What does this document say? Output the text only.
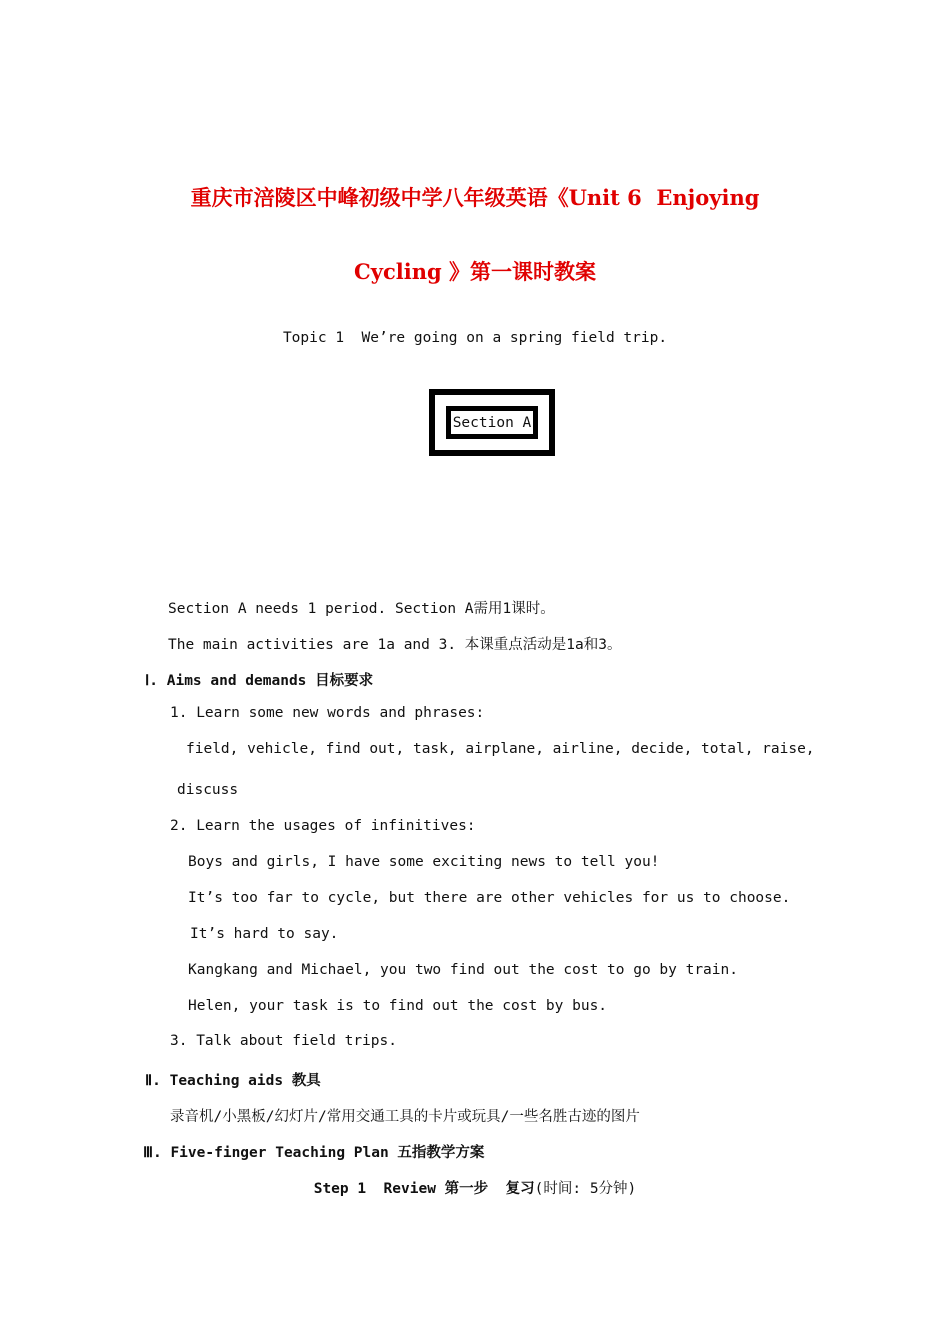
重庆市涪陵区中峰初级中学八年级英语《Unit 6  Enjoying
Cycling 》第一课时教案
Topic 1  We’re going on a spring field trip.
Section A
Section A needs 1 period. Section A需用1课时。
The main activities are 1a and 3. 本课重点活动是1a和3。
Ⅰ. Aims and demands 目标要求
1. Learn some new words and phrases:
field, vehicle, find out, task, airplane, airline, decide, total, raise,
discuss
2. Learn the usages of infinitives:
Boys and girls, I have some exciting news to tell you!
It’s too far to cycle, but there are other vehicles for us to choose.
It’s hard to say.
Kangkang and Michael, you two find out the cost to go by train.
Helen, your task is to find out the cost by bus.
3. Talk about field trips.
Ⅱ. Teaching aids 教具
录音机/小黑板/幻灯片/常用交通工具的卡片或玩具/一些名胜古迹的图片
Ⅲ. Five-finger Teaching Plan 五指教学方案
Step 1  Review 第一步  复习(时间: 5分钟)
